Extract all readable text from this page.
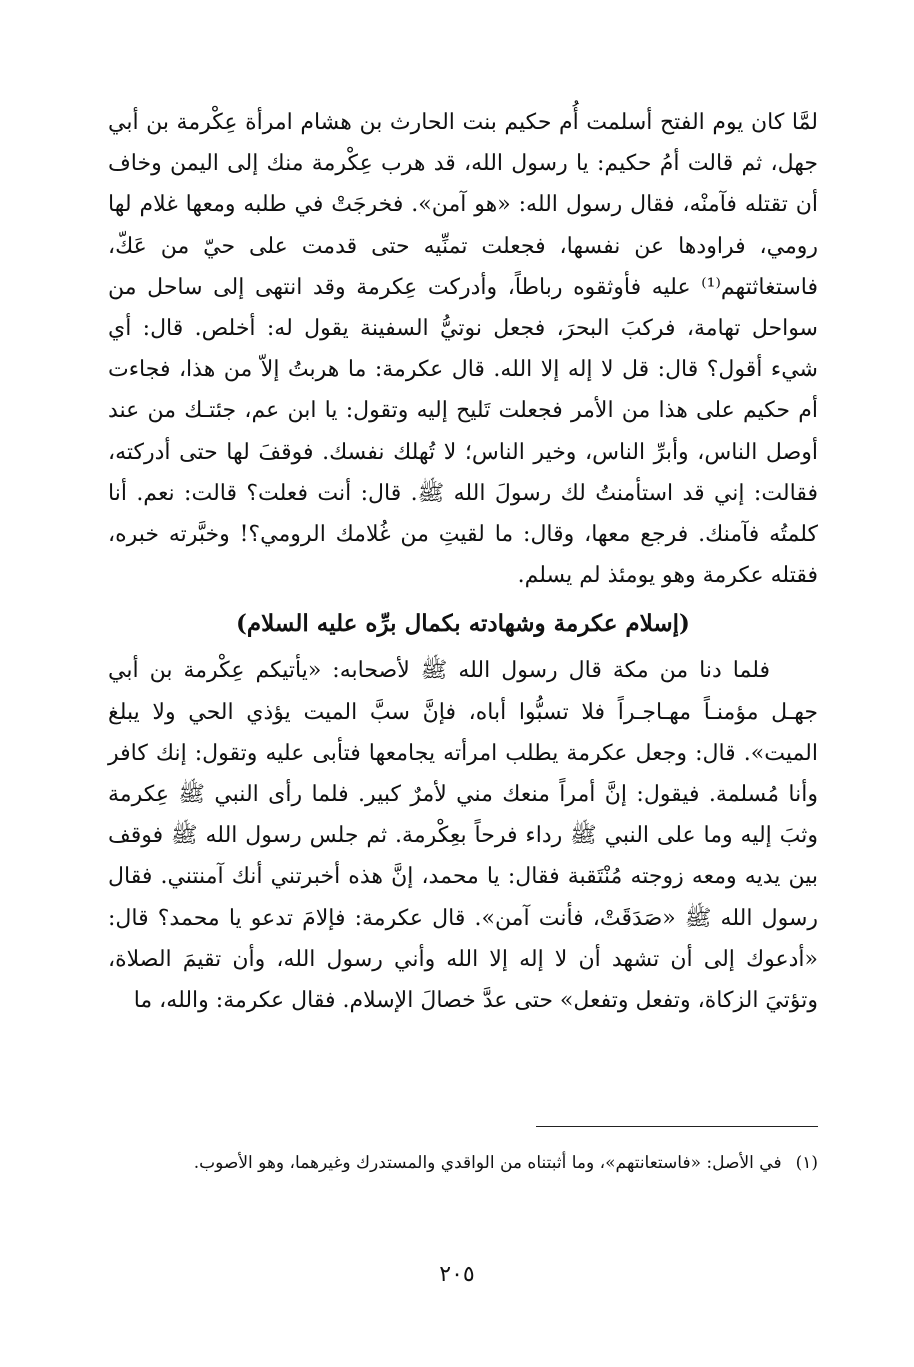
لمَّا كان يوم الفتح أسلمت أُم حكيم بنت الحارث بن هشام امرأة عِكْرمة بن أبي جهل، ثم قالت أمُ حكيم: يا رسول الله، قد هرب عِكْرمة منك إلى اليمن وخاف أن تقتله فآمنْه، فقال رسول الله: «هو آمن». فخرجَتْ في طلبه ومعها غلام لها رومي، فراودها عن نفسها، فجعلت تمنِّيه حتى قدمت على حيّ من عَكّ، فاستغاثتهم⁽¹⁾ عليه فأوثقوه رباطاً، وأدركت عِكرمة وقد انتهى إلى ساحل من سواحل تهامة، فركبَ البحرَ، فجعل نوتيُّ السفينة يقول له: أخلص. قال: أي شيء أقول؟ قال: قل لا إله إلا الله. قال عكرمة: ما هربتُ إلاّ من هذا، فجاءت أم حكيم على هذا من الأمر فجعلت تَليح إليه وتقول: يا ابن عم، جئتـك من عند أوصل الناس، وأبرِّ الناس، وخير الناس؛ لا تُهلك نفسك. فوقفَ لها حتى أدركته، فقالت: إني قد استأمنتُ لك رسولَ الله ﷺ. قال: أنت فعلت؟ قالت: نعم. أنا كلمتُه فآمنك. فرجع معها، وقال: ما لقيتِ من غُلامك الرومي؟! وخبَّرته خبره، فقتله عكرمة وهو يومئذ لم يسلم.

(إسلام عكرمة وشهادته بكمال برِّه عليه السلام)

فلما دنا من مكة قال رسول الله ﷺ لأصحابه: «يأتيكم عِكْرمة بن أبي جهـل مؤمنـاً مهـاجـراً فلا تسبُّوا أباه، فإنَّ سبَّ الميت يؤذي الحي ولا يبلغ الميت». قال: وجعل عكرمة يطلب امرأته يجامعها فتأبى عليه وتقول: إنك كافر وأنا مُسلمة. فيقول: إنَّ أمراً منعك مني لأمرٌ كبير. فلما رأى النبي ﷺ عِكرمة وثبَ إليه وما على النبي ﷺ رداء فرحاً بعِكْرمة. ثم جلس رسول الله ﷺ فوقف بين يديه ومعه زوجته مُنْتَقبة فقال: يا محمد، إنَّ هذه أخبرتني أنك آمنتني. فقال رسول الله ﷺ «صَدَقَتْ، فأنت آمن». قال عكرمة: فإلامَ تدعو يا محمد؟ قال: «أدعوك إلى أن تشهد أن لا إله إلا الله وأني رسول الله، وأن تقيمَ الصلاة، وتؤتيَ الزكاة، وتفعل وتفعل» حتى عدَّ خصالَ الإسلام. فقال عكرمة: والله، ما

(١)
في الأصل: «فاستعانتهم»، وما أثبتناه من الواقدي والمستدرك وغيرهما، وهو الأصوب.
٢٠٥
